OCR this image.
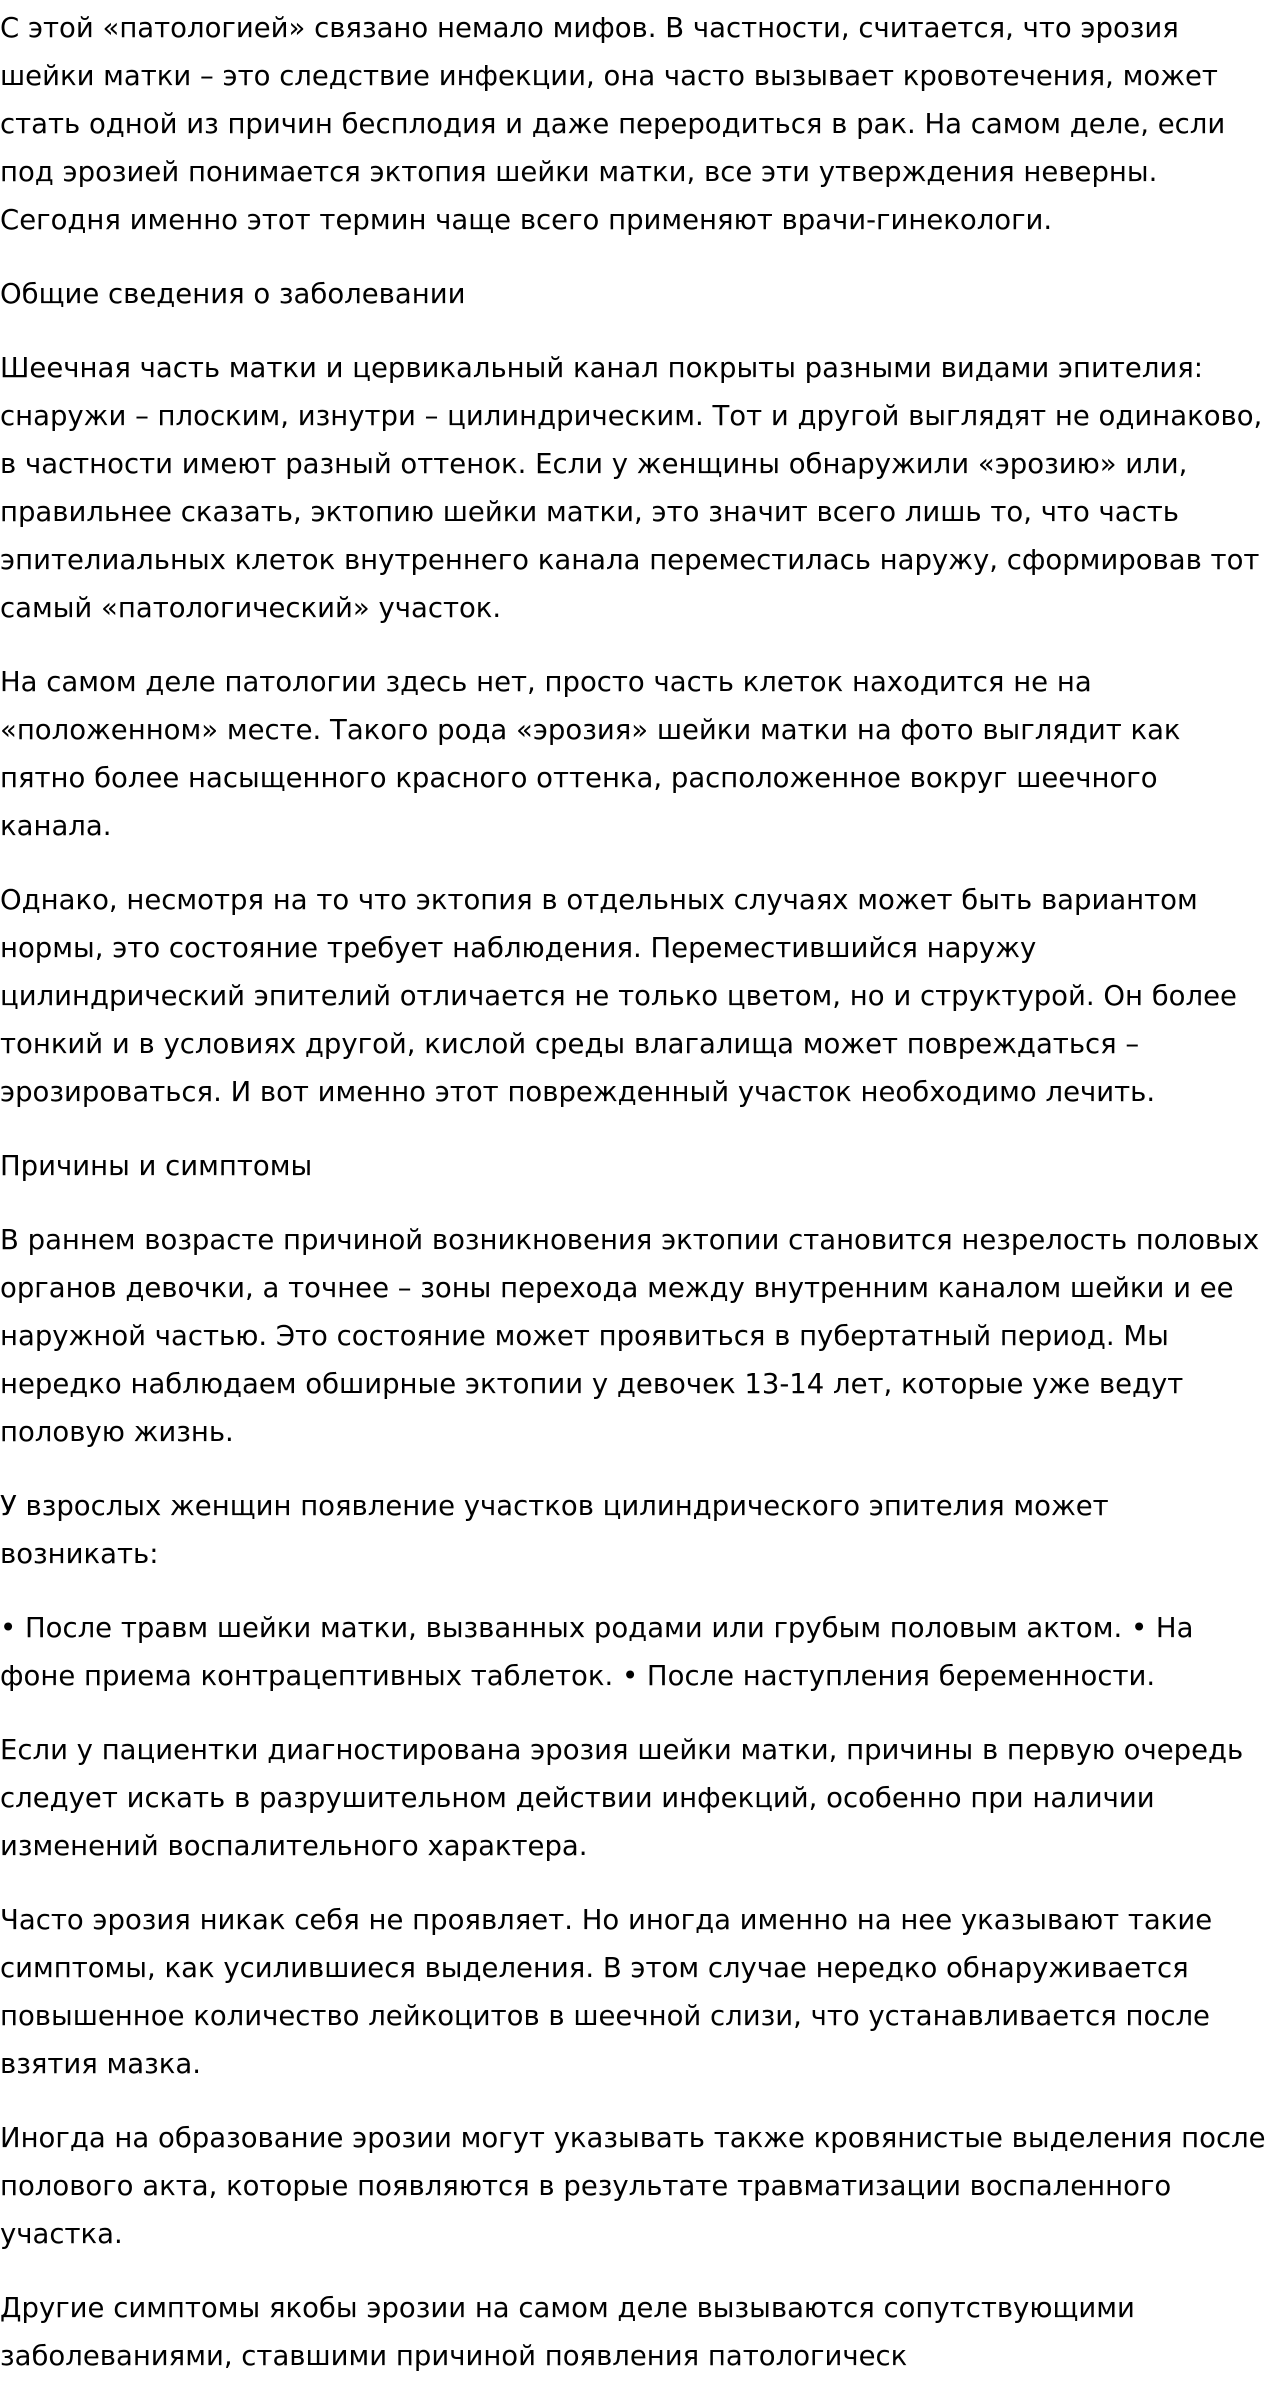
С этой «патологией» связано немало мифов. В частности, считается, что эрозия шейки матки – это следствие инфекции, она часто вызывает кровотечения, может стать одной из причин бесплодия и даже переродиться в рак. На самом деле, если под эрозией понимается эктопия шейки матки, все эти утверждения неверны. Сегодня именно этот термин чаще всего применяют врачи-гинекологи.

Общие сведения о заболевании

Шеечная часть матки и цервикальный канал покрыты разными видами эпителия: снаружи – плоским, изнутри – цилиндрическим. Тот и другой выглядят не одинаково, в частности имеют разный оттенок. Если у женщины обнаружили «эрозию» или, правильнее сказать, эктопию шейки матки, это значит всего лишь то, что часть эпителиальных клеток внутреннего канала переместилась наружу, сформировав тот самый «патологический» участок.

На самом деле патологии здесь нет, просто часть клеток находится не на «положенном» месте. Такого рода «эрозия» шейки матки на фото выглядит как пятно более насыщенного красного оттенка, расположенное вокруг шеечного канала.

Однако, несмотря на то что эктопия в отдельных случаях может быть вариантом нормы, это состояние требует наблюдения. Переместившийся наружу цилиндрический эпителий отличается не только цветом, но и структурой. Он более тонкий и в условиях другой, кислой среды влагалища может повреждаться – эрозироваться. И вот именно этот поврежденный участок необходимо лечить.

Причины и симптомы

В раннем возрасте причиной возникновения эктопии становится незрелость половых органов девочки, а точнее – зоны перехода между внутренним каналом шейки и ее наружной частью. Это состояние может проявиться в пубертатный период. Мы нередко наблюдаем обширные эктопии у девочек 13-14 лет, которые уже ведут половую жизнь.

У взрослых женщин появление участков цилиндрического эпителия может возникать:

• После травм шейки матки, вызванных родами или грубым половым актом. • На фоне приема контрацептивных таблеток. • После наступления беременности.

Если у пациентки диагностирована эрозия шейки матки, причины в первую очередь следует искать в разрушительном действии инфекций, особенно при наличии изменений воспалительного характера.

Часто эрозия никак себя не проявляет. Но иногда именно на нее указывают такие симптомы, как усилившиеся выделения. В этом случае нередко обнаруживается повышенное количество лейкоцитов в шеечной слизи, что устанавливается после взятия мазка.

Иногда на образование эрозии могут указывать также кровянистые выделения после полового акта, которые появляются в результате травматизации воспаленного участка.

Другие симптомы якобы эрозии на самом деле вызываются сопутствующими заболеваниями, ставшими причиной появления патологическ
